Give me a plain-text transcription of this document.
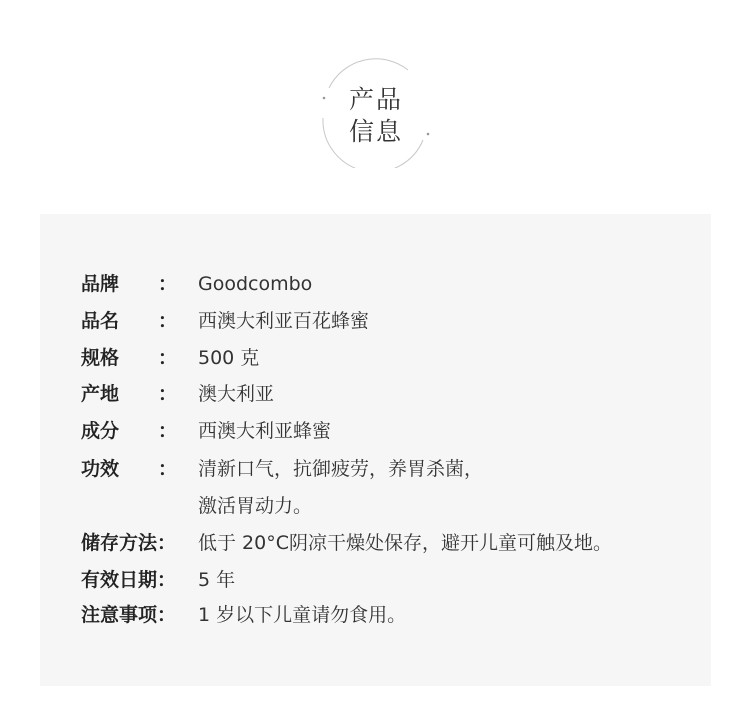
产品
信息
品牌 ： Goodcombo
品名 ： 西澳大利亚百花蜂蜜
规格 ： 500 克
产地 ： 澳大利亚
成分 ： 西澳大利亚蜂蜜
功效 ： 清新口气，抗御疲劳，养胃杀菌，
激活胃动力。
储存方法： 低于 20°C阴凉干燥处保存，避开儿童可触及地。
有效日期： 5 年
注意事项： 1 岁以下儿童请勿食用。
